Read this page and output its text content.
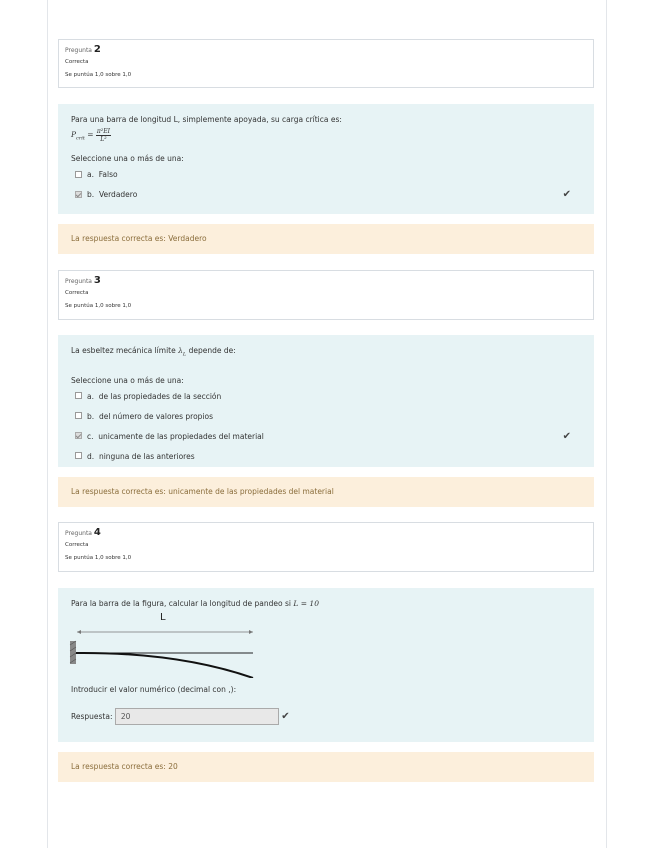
Pregunta 2
Correcta
Se puntúa 1,0 sobre 1,0
Para una barra de longitud L, simplemente apoyada, su carga crítica es:
$P_{crit} = \frac{\text{π²EI}}{\text{L²}}$
Seleccione una o más de una:
a. Falso
b. Verdadero	✔
La respuesta correcta es: Verdadero
Pregunta 3
Correcta
Se puntúa 1,0 sobre 1,0
La esbeltez mecánica límite $\lambda_L$ depende de:
Seleccione una o más de una:
a. de las propiedades de la sección
b. del número de valores propios
c. unicamente de las propiedades del material	✔
d. ninguna de las anteriores
La respuesta correcta es: unicamente de las propiedades del material
Pregunta 4
Correcta
Se puntúa 1,0 sobre 1,0
Para la barra de la figura, calcular la longitud de pandeo si L = 10
L
Introducir el valor numérico (decimal con ,):
Respuesta: 20	✔
La respuesta correcta es: 20
